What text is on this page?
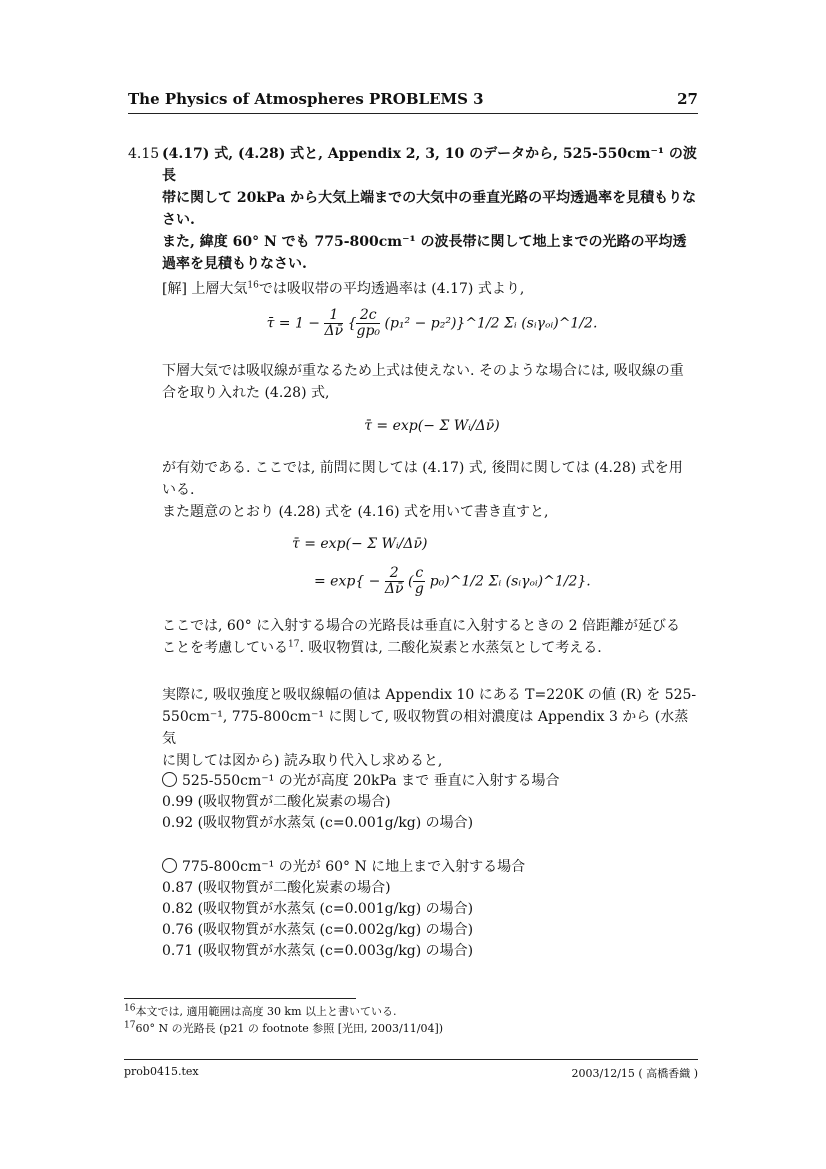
The Physics of Atmospheres PROBLEMS 3	27
4.15 (4.17) 式, (4.28) 式と, Appendix 2, 3, 10 のデータから, 525-550cm⁻¹ の波長
帯に関して 20kPa から大気上端までの大気中の垂直光路の平均透過率を見積もりな
さい.
また, 緯度 60° N でも 775-800cm⁻¹ の波長帯に関して地上までの光路の平均透
過率を見積もりなさい.
[解] 上層大気$^{16}$では吸収帯の平均透過率は (4.17) 式より,
τ̄ = $1 - \frac{1}{\Delta\nū}$ { $\frac{2c}{\text{gp₀}} (p_1^2$ − p₂²)}^1/2 Σᵢ (sᵢγₒᵢ)^1/2.
下層大気では吸収線が重なるため上式は使えない. そのような場合には, 吸収線の重
合を取り入れた (4.28) 式,
τ̄ = exp(− Σ Wᵢ/Δν̄)
が有効である. ここでは, 前問に関しては (4.17) 式, 後問に関しては (4.28) 式を用
いる.
また題意のとおり (4.28) 式を (4.16) 式を用いて書き直すと,
τ̄ = exp(− Σ Wᵢ/Δν̄)
= $\exp\{ - \frac{2}{\Delta\nū}$ ( $\frac{c}{g}$ p₀)^1/2 Σᵢ (sᵢγₒᵢ)^1/2}.
ここでは, 60° に入射する場合の光路長は垂直に入射するときの 2 倍距離が延びる
ことを考慮している$^{17}$. 吸収物質は, 二酸化炭素と水蒸気として考える.
実際に, 吸収強度と吸収線幅の値は Appendix 10 にある T=220K の値 (R) を 525-
550cm⁻¹, 775-800cm⁻¹ に関して, 吸収物質の相対濃度は Appendix 3 から (水蒸気
に関しては図から) 読み取り代入し求めると,
525-550cm⁻¹ の光が高度 20kPa まで 垂直に入射する場合
0.99 (吸収物質が二酸化炭素の場合)
0.92 (吸収物質が水蒸気 (c=0.001g/kg) の場合)
775-800cm⁻¹ の光が 60° N に地上まで入射する場合
0.87 (吸収物質が二酸化炭素の場合)
0.82 (吸収物質が水蒸気 (c=0.001g/kg) の場合)
0.76 (吸収物質が水蒸気 (c=0.002g/kg) の場合)
0.71 (吸収物質が水蒸気 (c=0.003g/kg) の場合)
$^{16}$本文では, 適用範囲は高度 30 km 以上と書いている.
$^{17}$60° N の光路長 (p21 の footnote 参照 [光田, 2003/11/04])
prob0415.tex	2003/12/15 ( 高橋香織 )
